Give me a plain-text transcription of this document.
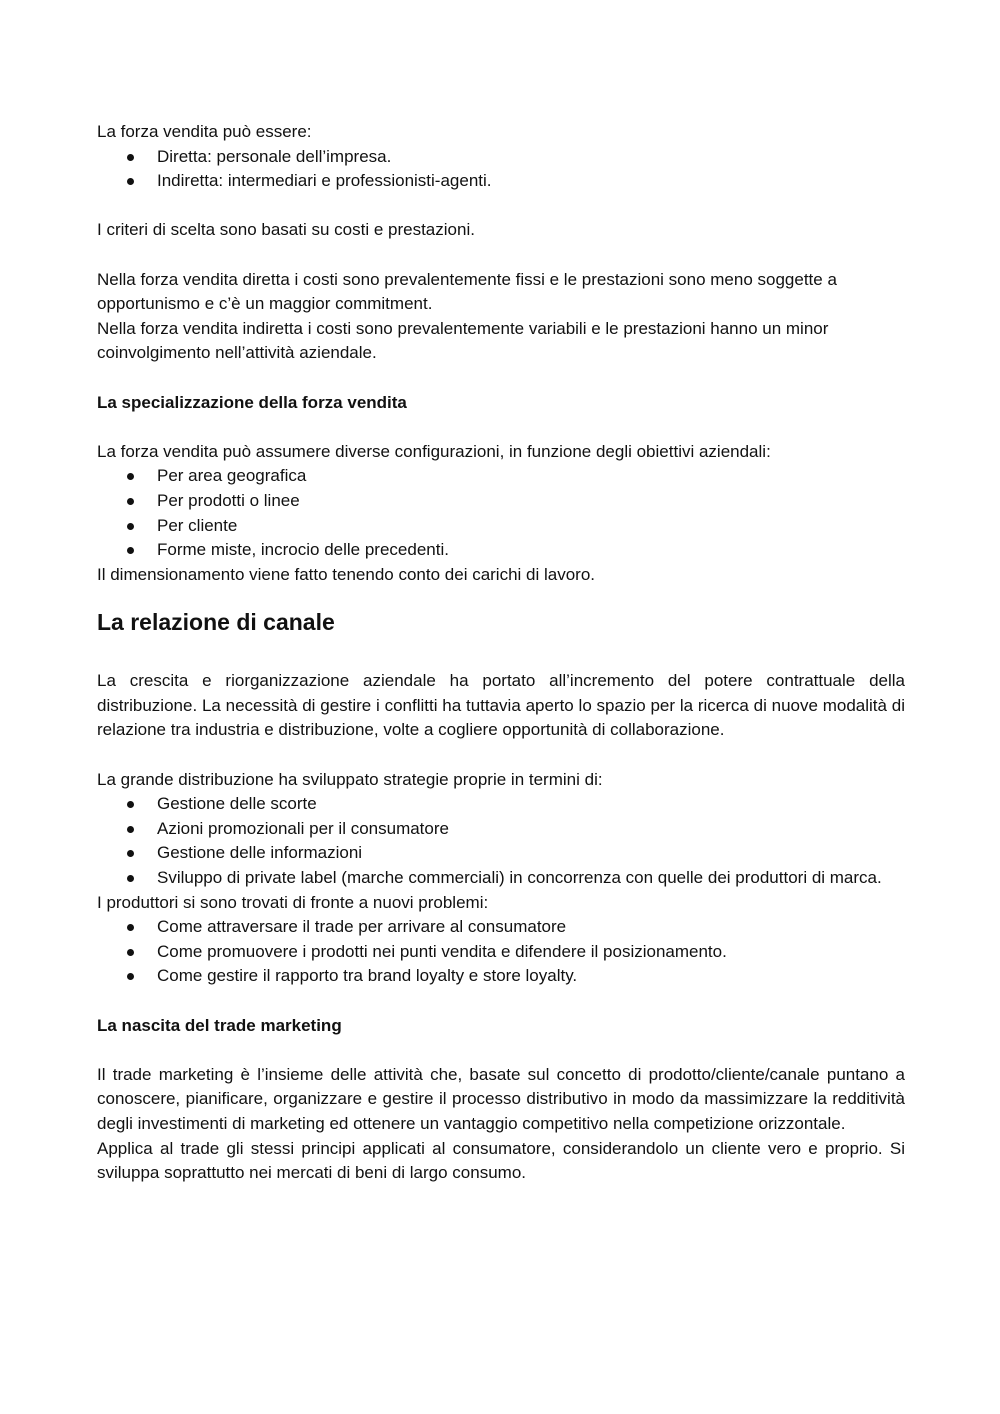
La forza vendita può essere:

Diretta: personale dell’impresa.
Indiretta: intermediari e professionisti-agenti.

I criteri di scelta sono basati su costi e prestazioni.

Nella forza vendita diretta i costi sono prevalentemente fissi e le prestazioni sono meno soggette a opportunismo e c’è un maggior commitment.

Nella forza vendita indiretta i costi sono prevalentemente variabili e le prestazioni hanno un minor coinvolgimento nell’attività aziendale.

La specializzazione della forza vendita

La forza vendita può assumere diverse configurazioni, in funzione degli obiettivi aziendali:

Per area geografica
Per prodotti o linee
Per cliente
Forme miste, incrocio delle precedenti.

Il dimensionamento viene fatto tenendo conto dei carichi di lavoro.

La relazione di canale

La crescita e riorganizzazione aziendale ha portato all’incremento del potere contrattuale della distribuzione. La necessità di gestire i conflitti ha tuttavia aperto lo spazio per la ricerca di nuove modalità di relazione tra industria e distribuzione, volte a cogliere opportunità di collaborazione.

La grande distribuzione ha sviluppato strategie proprie in termini di:

Gestione delle scorte
Azioni promozionali per il consumatore
Gestione delle informazioni
Sviluppo di private label (marche commerciali) in concorrenza con quelle dei produttori di marca.

I produttori si sono trovati di fronte a nuovi problemi:

Come attraversare il trade per arrivare al consumatore
Come promuovere i prodotti nei punti vendita e difendere il posizionamento.
Come gestire il rapporto tra brand loyalty e store loyalty.

La nascita del trade marketing

Il trade marketing è l’insieme delle attività che, basate sul concetto di prodotto/cliente/canale puntano a conoscere, pianificare, organizzare e gestire il processo distributivo in modo da massimizzare la redditività degli investimenti di marketing ed ottenere un vantaggio competitivo nella competizione orizzontale.

Applica al trade gli stessi principi applicati al consumatore, considerandolo un cliente vero e proprio. Si sviluppa soprattutto nei mercati di beni di largo consumo.
